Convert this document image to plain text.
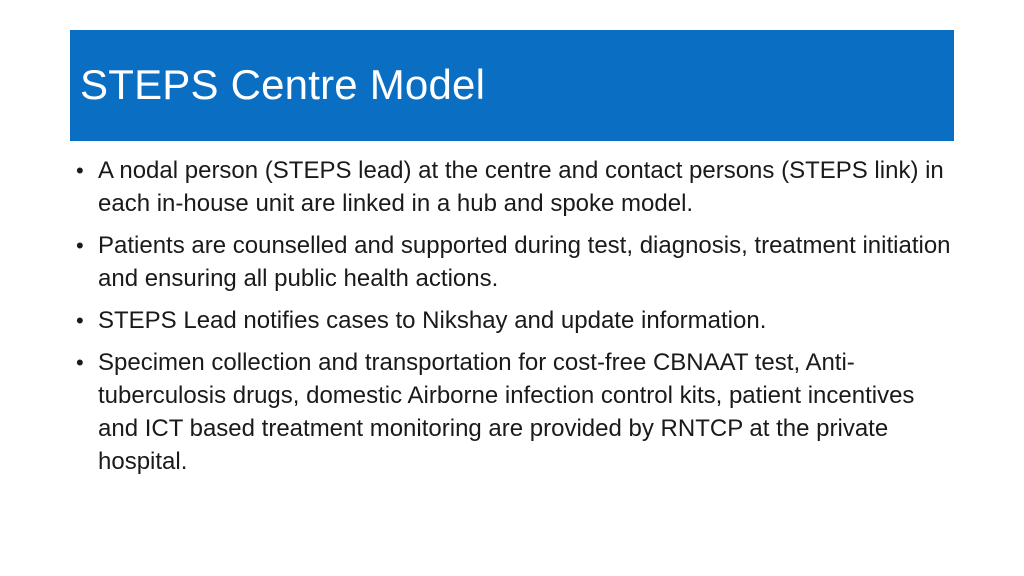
STEPS Centre Model
• A nodal person (STEPS lead) at the centre and contact persons (STEPS link) in each in-house unit are linked in a hub and spoke model.
• Patients are counselled and supported during test, diagnosis, treatment initiation and ensuring all public health actions.
• STEPS Lead notifies cases to Nikshay and update information.
• Specimen collection and transportation for cost-free CBNAAT test, Anti-tuberculosis drugs, domestic Airborne infection control kits, patient incentives and ICT based treatment monitoring are provided by RNTCP at the private hospital.
